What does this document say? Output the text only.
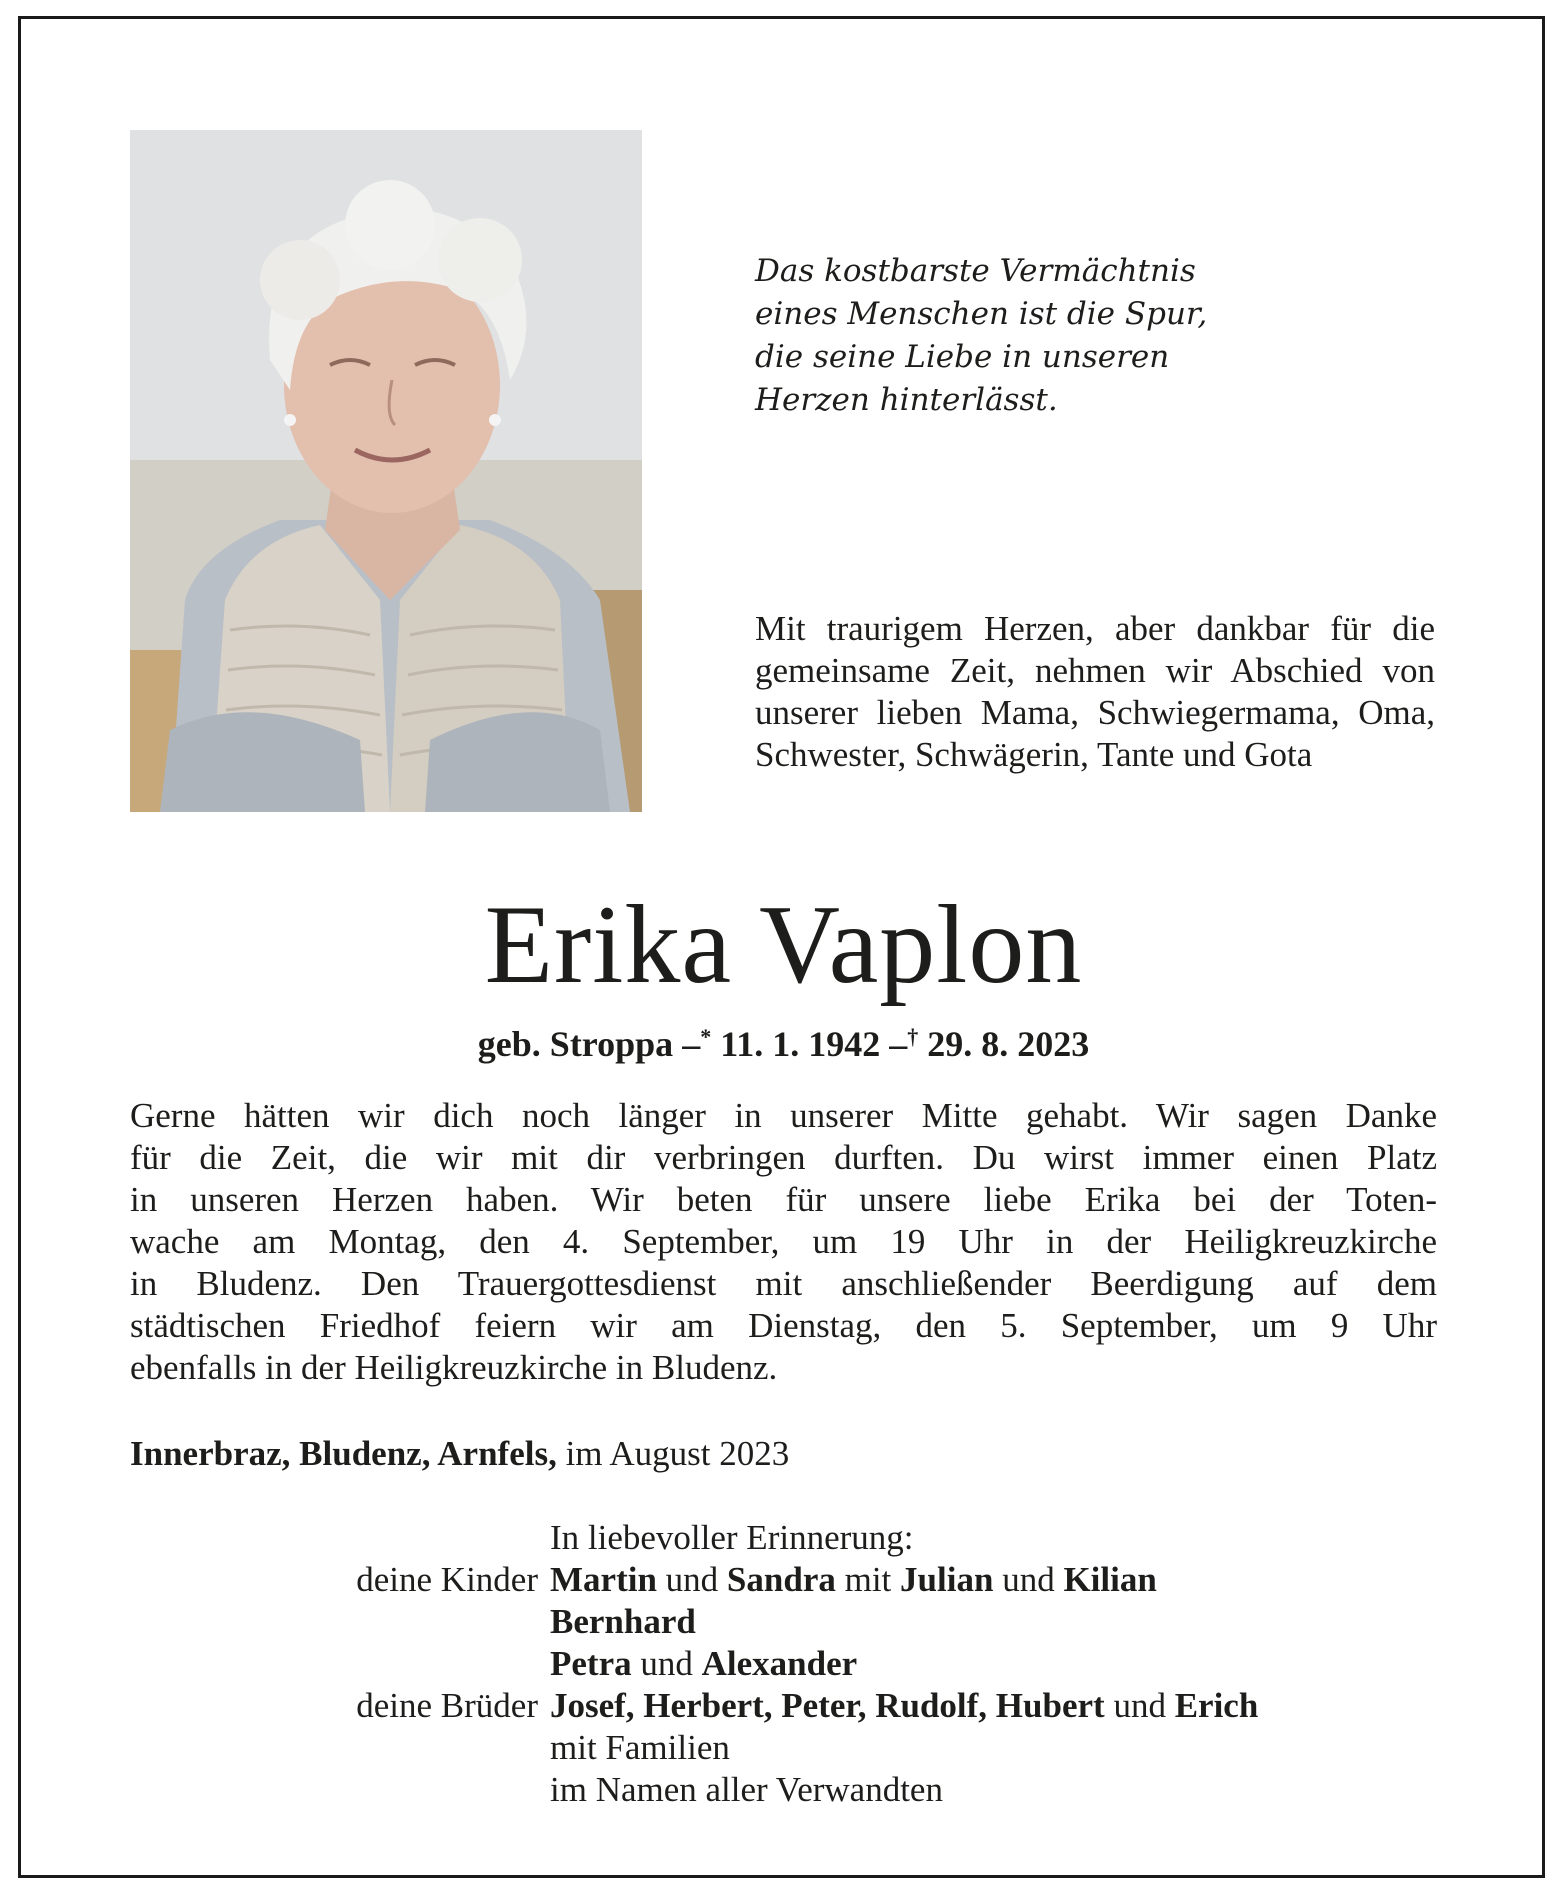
Das kostbarste Vermächtnis
eines Menschen ist die Spur,
die seine Liebe in unseren
Herzen hinterlässt.

Mit traurigem Herzen, aber dankbar für die gemeinsame Zeit, nehmen wir Abschied von unserer lieben Mama, Schwiegermama, Oma, Schwester, Schwägerin, Tante und Gota

Erika Vaplon

geb. Stroppa –* 11. 1. 1942 –† 29. 8. 2023

Gerne hätten wir dich noch länger in unserer Mitte gehabt. Wir sagen Danke
für die Zeit, die wir mit dir verbringen durften. Du wirst immer einen Platz
in unseren Herzen haben. Wir beten für unsere liebe Erika bei der Toten-
wache am Montag, den 4. September, um 19 Uhr in der Heiligkreuzkirche
in Bludenz. Den Trauergottesdienst mit anschließender Beerdigung auf dem
städtischen Friedhof feiern wir am Dienstag, den 5. September, um 9 Uhr
ebenfalls in der Heiligkreuzkirche in Bludenz.

Innerbraz, Bludenz, Arnfels, im August 2023

In liebevoller Erinnerung:
deine Kinder Martin und Sandra mit Julian und Kilian
Bernhard
Petra und Alexander
deine Brüder Josef, Herbert, Peter, Rudolf, Hubert und Erich
mit Familien
im Namen aller Verwandten
